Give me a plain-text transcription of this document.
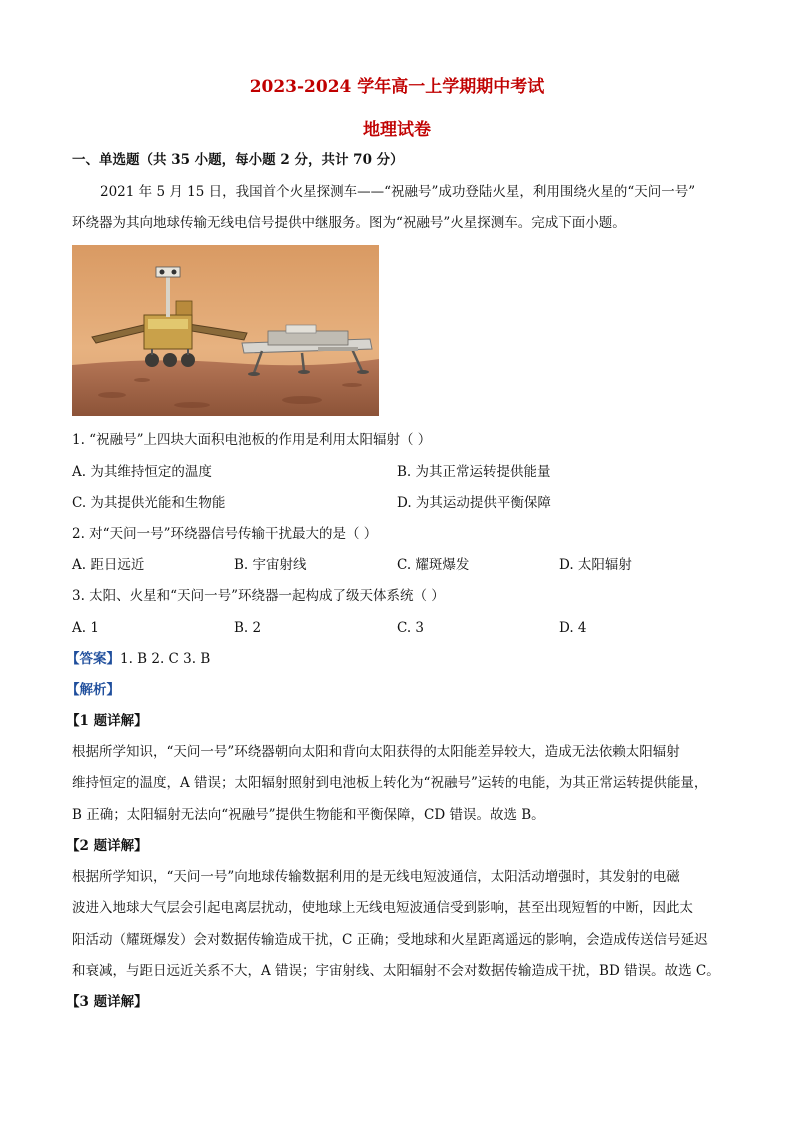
2023-2024 学年高一上学期期中考试
地理试卷
一、单选题（共 35 小题，每小题 2 分，共计 70 分）
2021 年 5 月 15 日，我国首个火星探测车——“祝融号”成功登陆火星，利用围绕火星的“天问一号”
环绕器为其向地球传输无线电信号提供中继服务。图为“祝融号”火星探测车。完成下面小题。
1. “祝融号”上四块大面积电池板的作用是利用太阳辐射（ ）
A. 为其维持恒定的温度	B. 为其正常运转提供能量
C. 为其提供光能和生物能	D. 为其运动提供平衡保障
2. 对“天问一号”环绕器信号传输干扰最大的是（ ）
A. 距日远近	B. 宇宙射线	C. 耀斑爆发	D. 太阳辐射
3. 太阳、火星和“天问一号”环绕器一起构成了级天体系统（ ）
A. 1	B. 2	C. 3	D. 4
【答案】1. B 2. C 3. B
【解析】
【1 题详解】
根据所学知识，“天问一号”环绕器朝向太阳和背向太阳获得的太阳能差异较大，造成无法依赖太阳辐射
维持恒定的温度，A 错误；太阳辐射照射到电池板上转化为“祝融号”运转的电能，为其正常运转提供能量，
B 正确；太阳辐射无法向“祝融号”提供生物能和平衡保障，CD 错误。故选 B。
【2 题详解】
根据所学知识，“天问一号”向地球传输数据利用的是无线电短波通信，太阳活动增强时，其发射的电磁
波进入地球大气层会引起电离层扰动，使地球上无线电短波通信受到影响，甚至出现短暂的中断，因此太
阳活动（耀斑爆发）会对数据传输造成干扰，C 正确；受地球和火星距离遥远的影响，会造成传送信号延迟
和衰减，与距日远近关系不大，A 错误；宇宙射线、太阳辐射不会对数据传输造成干扰，BD 错误。故选 C。
【3 题详解】
